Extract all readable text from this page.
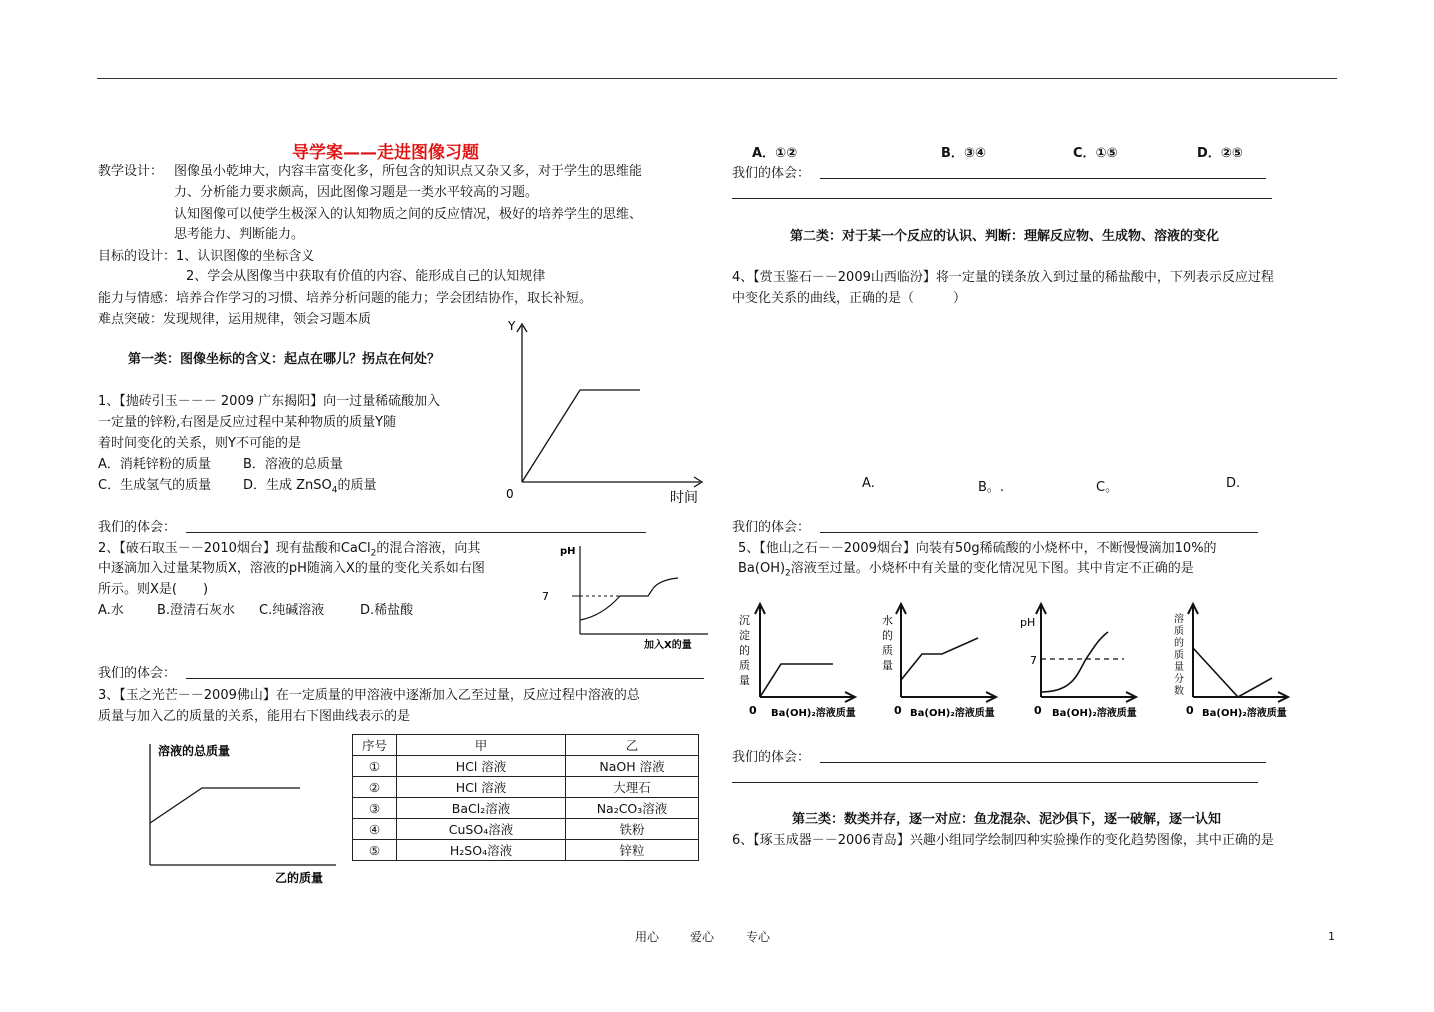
导学案——走进图像习题
教学设计： 图像虽小乾坤大，内容丰富变化多，所包含的知识点又杂又多，对于学生的思维能
力、分析能力要求颇高，因此图像习题是一类水平较高的习题。
认知图像可以使学生极深入的认知物质之间的反应情况，极好的培养学生的思维、
思考能力、判断能力。
目标的设计：1、认识图像的坐标含义
2、学会从图像当中获取有价值的内容、能形成自己的认知规律
能力与情感：培养合作学习的习惯、培养分析问题的能力；学会团结协作，取长补短。
难点突破：发现规律，运用规律，领会习题本质
第一类：图像坐标的含义：起点在哪儿？拐点在何处？
1、【抛砖引玉－－－ 2009 广东揭阳】向一过量稀硫酸加入
一定量的锌粉,右图是反应过程中某种物质的质量Y随
着时间变化的关系，则Y不可能的是
A．消耗锌粉的质量 B．溶液的总质量
C．生成氢气的质量 D．生成 ZnSO$_4$的质量
Y
0	时间
我们的体会：
2、【破石取玉－－2010烟台】现有盐酸和CaCl$_2$的混合溶液，向其
中逐滴加入过量某物质X，溶液的pH随滴入X的量的变化关系如右图
所示。则X是(　　)
A.水	B.澄清石灰水 C.纯碱溶液	D.稀盐酸
pH
7
加入X的量
我们的体会：
3、【玉之光芒－－2009佛山】在一定质量的甲溶液中逐渐加入乙至过量，反应过程中溶液的总
质量与加入乙的质量的关系，能用右下图曲线表示的是
溶液的总质量
乙的质量
序号	甲	乙
①	HCl 溶液	NaOH 溶液
②	HCl 溶液	大理石
③	BaCl₂溶液	Na₂CO₃溶液
④	CuSO₄溶液	铁粉
⑤	H₂SO₄溶液	锌粒
A．①②	B．③④	C．①⑤	D．②⑤
我们的体会：
第二类：对于某一个反应的认识、判断：理解反应物、生成物、溶液的变化
4、【赏玉鉴石－－2009山西临汾】将一定量的镁条放入到过量的稀盐酸中，下列表示反应过程
中变化关系的曲线，正确的是（　　　）
A.	B。.	C。	D.
我们的体会：
5、【他山之石－－2009烟台】向装有50g稀硫酸的小烧杯中，不断慢慢滴加10%的
$Ba(OH)_2$溶液至过量。小烧杯中有关量的变化情况见下图。其中肯定不正确的是
沉
淀
的
质
量
0 Ba(OH)₂溶液质量
水
的
质
量
0 Ba(OH)₂溶液质量
pH
7
0 Ba(OH)₂溶液质量
溶
质
的
质
量
分
数
0 Ba(OH)₂溶液质量
我们的体会：
第三类：数类并存，逐一对应：鱼龙混杂、泥沙俱下，逐一破解，逐一认知
6、【琢玉成器－－2006青岛】兴趣小组同学绘制四种实验操作的变化趋势图像，其中正确的是
用心	爱心	专心	1
